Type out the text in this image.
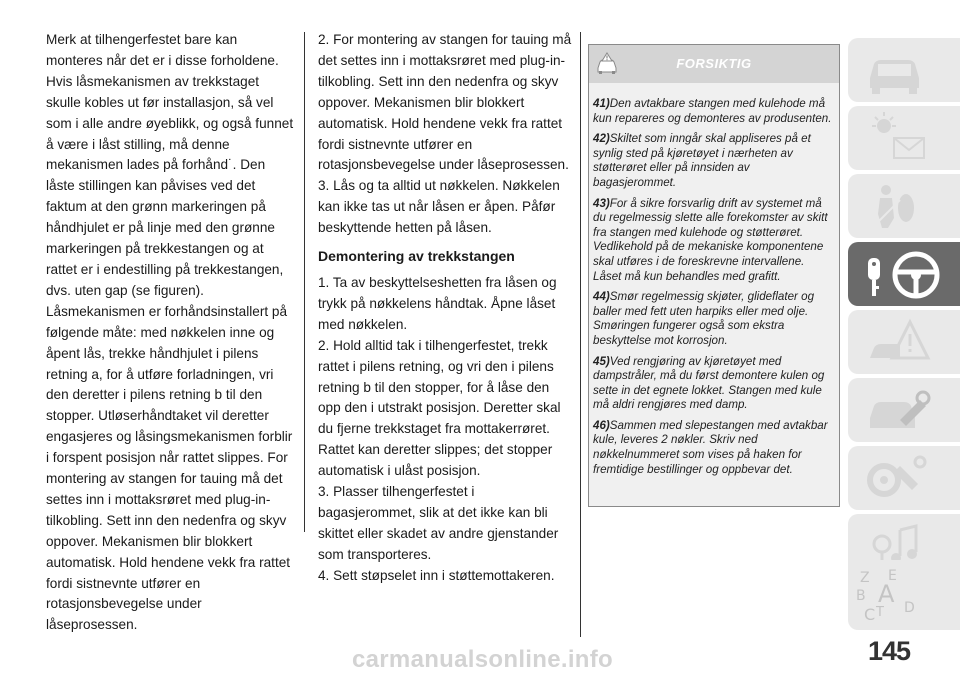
Merk at tilhengerfestet bare kan monteres når det er i disse forholdene. Hvis låsmekanismen av trekkstaget skulle kobles ut før installasjon, så vel som i alle andre øyeblikk, og også funnet å være i låst stilling, må denne mekanismen lades på forhånd˙. Den låste stillingen kan påvises ved det faktum at den grønn markeringen på håndhjulet er på linje med den grønne markeringen på trekkestangen og at rattet er i endestilling på trekkestangen, dvs. uten gap (se figuren).

Låsmekanismen er forhåndsinstallert på følgende måte: med nøkkelen inne og åpent lås, trekke håndhjulet i pilens retning a, for å utføre forladningen, vri den deretter i pilens retning b til den stopper. Utløserhåndtaket vil deretter engasjeres og låsingsmekanismen forblir i forspent posisjon når rattet slippes. For montering av stangen for tauing må det settes inn i mottaksrøret med plug-in-tilkobling. Sett inn den nedenfra og skyv oppover. Mekanismen blir blokkert automatisk. Hold hendene vekk fra rattet fordi sistnevnte utfører en rotasjonsbevegelse under låseprosessen.

2. For montering av stangen for tauing må det settes inn i mottaksrøret med plug-in-tilkobling. Sett inn den nedenfra og skyv oppover. Mekanismen blir blokkert automatisk. Hold hendene vekk fra rattet fordi sistnevnte utfører en rotasjonsbevegelse under låseprosessen.

3. Lås og ta alltid ut nøkkelen. Nøkkelen kan ikke tas ut når låsen er åpen. Påfør beskyttende hetten på låsen.

Demontering av trekkstangen

1. Ta av beskyttelseshetten fra låsen og trykk på nøkkelens håndtak. Åpne låset med nøkkelen.

2. Hold alltid tak i tilhengerfestet, trekk rattet i pilens retning, og vri den i pilens retning b til den stopper, for å låse den opp den i utstrakt posisjon. Deretter skal du fjerne trekkstaget fra mottakerrøret. Rattet kan deretter slippes; det stopper automatisk i ulåst posisjon.

3. Plasser tilhengerfestet i bagasjerommet, slik at det ikke kan bli skittet eller skadet av andre gjenstander som transporteres.

4. Sett støpselet inn i støttemottakeren.

FORSIKTIG

41)Den avtakbare stangen med kulehode må kun repareres og demonteres av produsenten.

42)Skiltet som inngår skal appliseres på et synlig sted på kjøretøyet i nærheten av støtterøret eller på innsiden av bagasjerommet.

43)For å sikre forsvarlig drift av systemet må du regelmessig slette alle forekomster av skitt fra stangen med kulehode og støtterøret. Vedlikehold på de mekaniske komponentene skal utføres i de foreskrevne intervallene. Låset må kun behandles med grafitt.

44)Smør regelmessig skjøter, glideflater og baller med fett uten harpiks eller med olje. Smøringen fungerer også som ekstra beskyttelse mot korrosjon.

45)Ved rengjøring av kjøretøyet med dampstråler, må du først demontere kulen og sette in det egnete lokket. Stangen med kule må aldri rengjøres med damp.

46)Sammen med slepestangen med avtakbar kule, leveres 2 nøkler. Skriv ned nøkkelnummeret som vises på haken for fremtidige bestillinger og oppbevar det.

Z E
B A
C T D
145
carmanualsonline.info
